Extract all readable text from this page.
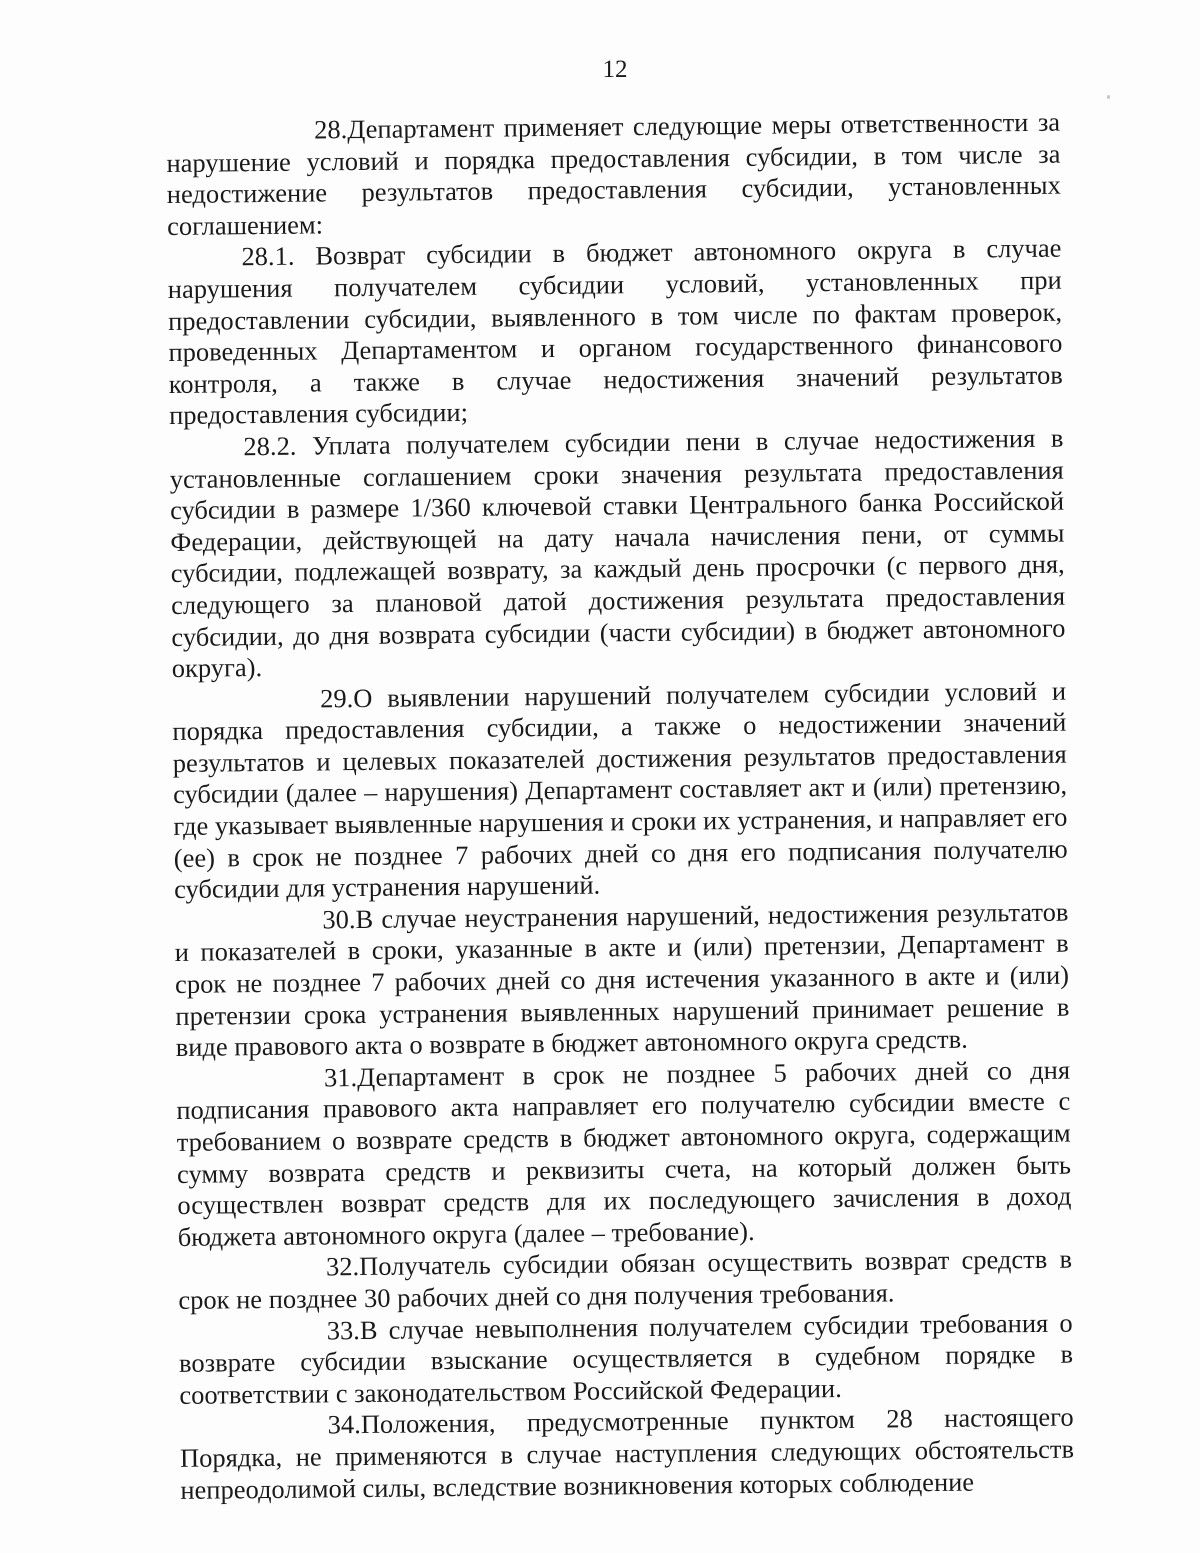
12

28.Департамент применяет следующие меры ответственности за нарушение условий и порядка предоставления субсидии, в том числе за недостижение результатов предоставления субсидии, установленных соглашением:

28.1. Возврат субсидии в бюджет автономного округа в случае нарушения получателем субсидии условий, установленных при предоставлении субсидии, выявленного в том числе по фактам проверок, проведенных Департаментом и органом государственного финансового контроля, а также в случае недостижения значений результатов предоставления субсидии;

28.2. Уплата получателем субсидии пени в случае недостижения в установленные соглашением сроки значения результата предоставления субсидии в размере 1/360 ключевой ставки Центрального банка Российской Федерации, действующей на дату начала начисления пени, от суммы субсидии, подлежащей возврату, за каждый день просрочки (с первого дня, следующего за плановой датой достижения результата предоставления субсидии, до дня возврата субсидии (части субсидии) в бюджет автономного округа).

29.О выявлении нарушений получателем субсидии условий и порядка предоставления субсидии, а также о недостижении значений результатов и целевых показателей достижения результатов предоставления субсидии (далее – нарушения) Департамент составляет акт и (или) претензию, где указывает выявленные нарушения и сроки их устранения, и направляет его (ее) в срок не позднее 7 рабочих дней со дня его подписания получателю субсидии для устранения нарушений.

30.В случае неустранения нарушений, недостижения результатов и показателей в сроки, указанные в акте и (или) претензии, Департамент в срок не позднее 7 рабочих дней со дня истечения указанного в акте и (или) претензии срока устранения выявленных нарушений принимает решение в виде правового акта о возврате в бюджет автономного округа средств.

31.Департамент в срок не позднее 5 рабочих дней со дня подписания правового акта направляет его получателю субсидии вместе с требованием о возврате средств в бюджет автономного округа, содержащим сумму возврата средств и реквизиты счета, на который должен быть осуществлен возврат средств для их последующего зачисления в доход бюджета автономного округа (далее – требование).

32.Получатель субсидии обязан осуществить возврат средств в срок не позднее 30 рабочих дней со дня получения требования.

33.В случае невыполнения получателем субсидии требования о возврате субсидии взыскание осуществляется в судебном порядке в соответствии с законодательством Российской Федерации.

34.Положения, предусмотренные пунктом 28 настоящего Порядка, не применяются в случае наступления следующих обстоятельств непреодолимой силы, вследствие возникновения которых соблюдение
